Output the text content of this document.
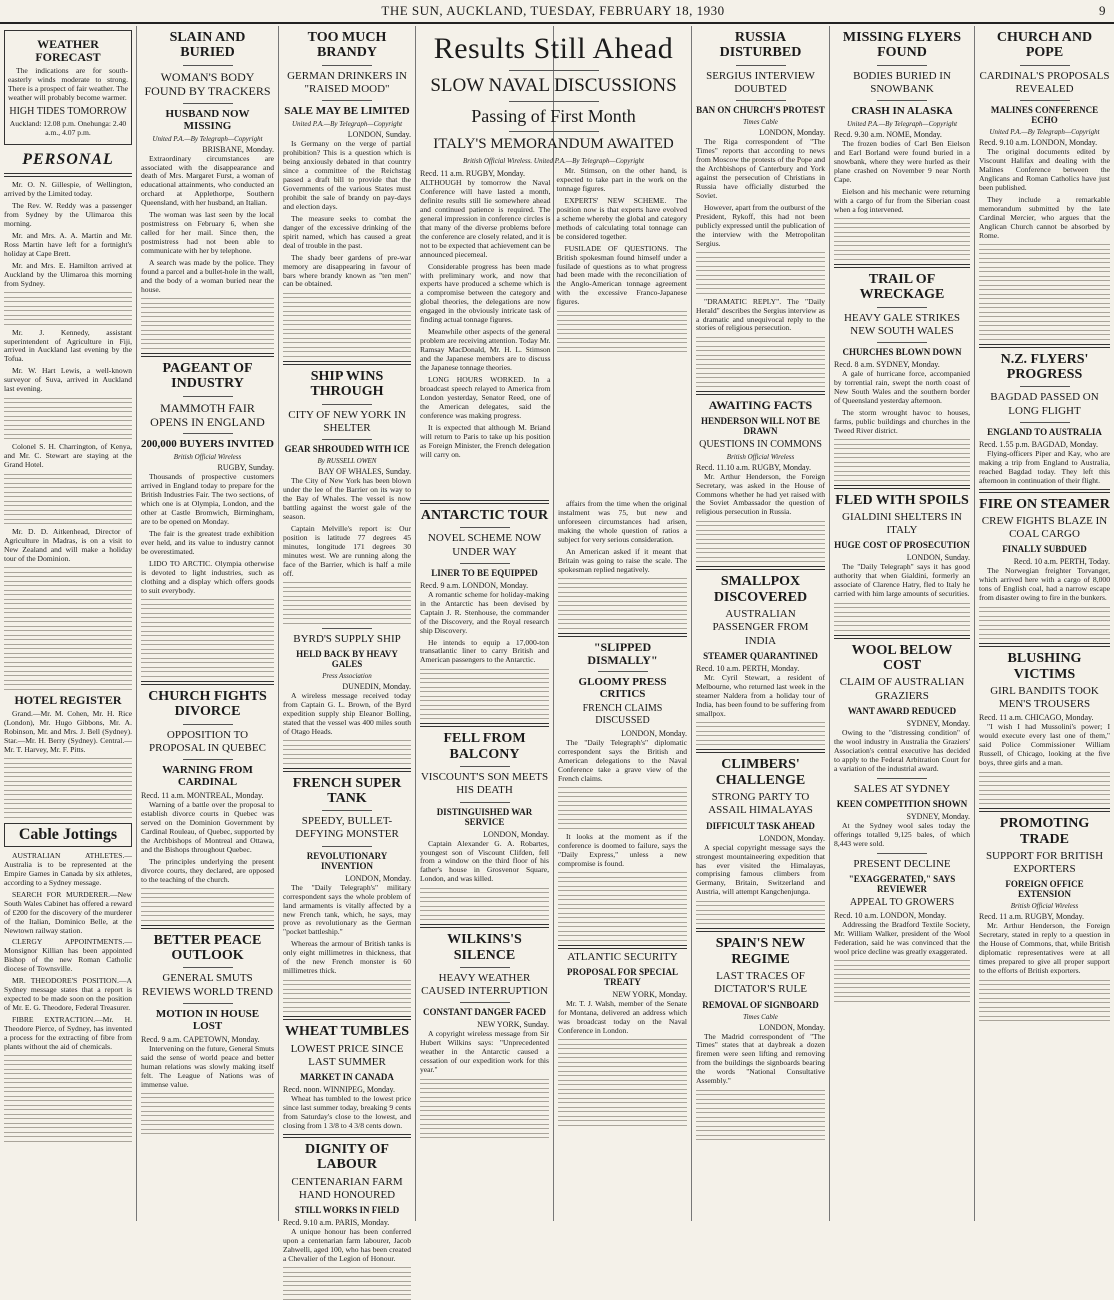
THE SUN, AUCKLAND, TUESDAY, FEBRUARY 18, 1930	9
WEATHER FORECAST

The indications are for south-easterly winds moderate to strong. There is a prospect of fair weather. The weather will probably become warmer.

HIGH TIDES TOMORROW

Auckland: 12.08 p.m. Onehunga: 2.40 a.m., 4.07 p.m.

PERSONAL

Mr. O. N. Gillespie, of Wellington, arrived by the Limited today.

The Rev. W. Reddy was a passenger from Sydney by the Ulimaroa this morning.

Mr. and Mrs. A. A. Martin and Mr. Ross Martin have left for a fortnight's holiday at Cape Brett.

Mr. and Mrs. E. Hamilton arrived at Auckland by the Ulimaroa this morning from Sydney.

Mr. J. Kennedy, assistant superintendent of Agriculture in Fiji, arrived in Auckland last evening by the Tofua.

Mr. W. Hart Lewis, a well-known surveyor of Suva, arrived in Auckland last evening.

Colonel S. H. Charrington, of Kenya, and Mr. C. Stewart are staying at the Grand Hotel.

Mr. D. D. Aitkenhead, Director of Agriculture in Madras, is on a visit to New Zealand and will make a holiday tour of the Dominion.

HOTEL REGISTER

Grand.—Mr. M. Cohen, Mr. H. Rice (London), Mr. Hugo Gibbons, Mr. A. Robinson, Mr. and Mrs. J. Bell (Sydney). Star.—Mr. H. Berry (Sydney). Central.—Mr. T. Harvey, Mr. F. Pitts.

Cable Jottings

AUSTRALIAN ATHLETES.—Australia is to be represented at the Empire Games in Canada by six athletes, according to a Sydney message.

SEARCH FOR MURDERER.—New South Wales Cabinet has offered a reward of £200 for the discovery of the murderer of the Italian, Dominico Belle, at the Newtown railway station.

CLERGY APPOINTMENTS.—Monsignor Killian has been appointed Bishop of the new Roman Catholic diocese of Townsville.

MR. THEODORE'S POSITION.—A Sydney message states that a report is expected to be made soon on the position of Mr. E. G. Theodore, Federal Treasurer.

FIBRE EXTRACTION.—Mr. H. Theodore Pierce, of Sydney, has invented a process for the extracting of fibre from plants without the aid of chemicals.

SLAIN AND BURIED
WOMAN'S BODY FOUND BY TRACKERS
HUSBAND NOW MISSING
United P.A.—By Telegraph—Copyright
BRISBANE, Monday.

Extraordinary circumstances are associated with the disappearance and death of Mrs. Margaret Furst, a woman of educational attainments, who conducted an orchard at Applethorpe, Southern Queensland, with her husband, an Italian.

The woman was last seen by the local postmistress on February 6, when she called for her mail. Since then, the postmistress had not been able to communicate with her by telephone.

A search was made by the police. They found a parcel and a bullet-hole in the wall, and the body of a woman buried near the house.

PAGEANT OF INDUSTRY
MAMMOTH FAIR OPENS IN ENGLAND
200,000 BUYERS INVITED
British Official Wireless
RUGBY, Sunday.

Thousands of prospective customers arrived in England today to prepare for the British Industries Fair. The two sections, of which one is at Olympia, London, and the other at Castle Bromwich, Birmingham, are to be opened on Monday.

The fair is the greatest trade exhibition ever held, and its value to industry cannot be overestimated.

LIDO TO ARCTIC. Olympia otherwise is devoted to light industries, such as clothing and a display which offers goods to suit everybody.

CHURCH FIGHTS DIVORCE
OPPOSITION TO PROPOSAL IN QUEBEC
WARNING FROM CARDINAL
Recd. 11 a.m. MONTREAL, Monday.

Warning of a battle over the proposal to establish divorce courts in Quebec was served on the Dominion Government by Cardinal Rouleau, of Quebec, supported by the Archbishops of Montreal and Ottawa, and the Bishops throughout Quebec.

The principles underlying the present divorce courts, they declared, are opposed to the teaching of the church.

BETTER PEACE OUTLOOK
GENERAL SMUTS REVIEWS WORLD TREND
MOTION IN HOUSE LOST
Recd. 9 a.m. CAPETOWN, Monday.

Intervening on the future, General Smuts said the sense of world peace and better human relations was slowly making itself felt. The League of Nations was of immense value.

TOO MUCH BRANDY
GERMAN DRINKERS IN "RAISED MOOD"
SALE MAY BE LIMITED
United P.A.—By Telegraph—Copyright
LONDON, Sunday.

Is Germany on the verge of partial prohibition? This is a question which is being anxiously debated in that country since a committee of the Reichstag passed a draft bill to provide that the Governments of the various States must prohibit the sale of brandy on pay-days and election days.

The measure seeks to combat the danger of the excessive drinking of the spirit named, which has caused a great deal of trouble in the past.

The shady beer gardens of pre-war memory are disappearing in favour of bars where brandy known as "ten men" can be obtained.

SHIP WINS THROUGH
CITY OF NEW YORK IN SHELTER
GEAR SHROUDED WITH ICE
By RUSSELL OWEN
BAY OF WHALES, Sunday.

The City of New York has been blown under the lee of the Barrier on its way to the Bay of Whales. The vessel is now battling against the worst gale of the season.

Captain Melville's report is: Our position is latitude 77 degrees 45 minutes, longitude 171 degrees 30 minutes west. We are running along the face of the Barrier, which is half a mile off.

BYRD'S SUPPLY SHIP
HELD BACK BY HEAVY GALES
Press Association
DUNEDIN, Monday.

A wireless message received today from Captain G. L. Brown, of the Byrd expedition supply ship Eleanor Bolling, stated that the vessel was 400 miles south of Otago Heads.

FRENCH SUPER TANK
SPEEDY, BULLET-DEFYING MONSTER
REVOLUTIONARY INVENTION
LONDON, Monday.

The "Daily Telegraph's" military correspondent says the whole problem of land armaments is vitally affected by a new French tank, which, he says, may prove as revolutionary as the German "pocket battleship."

Whereas the armour of British tanks is only eight millimetres in thickness, that of the new French monster is 60 millimetres thick.

WHEAT TUMBLES
LOWEST PRICE SINCE LAST SUMMER
MARKET IN CANADA
Recd. noon. WINNIPEG, Monday.

Wheat has tumbled to the lowest price since last summer today, breaking 9 cents from Saturday's close to the lowest, and closing from 1 3/8 to 4 3/8 cents down.

DIGNITY OF LABOUR
CENTENARIAN FARM HAND HONOURED
STILL WORKS IN FIELD
Recd. 9.10 a.m. PARIS, Monday.

A unique honour has been conferred upon a centenarian farm labourer, Jacob Zahwelli, aged 100, who has been created a Chevalier of the Legion of Honour.

Results Still Ahead
SLOW NAVAL DISCUSSIONS
Passing of First Month
ITALY'S MEMORANDUM AWAITED
British Official Wireless. United P.A.—By Telegraph—Copyright
Recd. 11 a.m. RUGBY, Monday.

ALTHOUGH by tomorrow the Naval Conference will have lasted a month, definite results still lie somewhere ahead and continued patience is required. The general impression in conference circles is that many of the diverse problems before the conference are closely related, and it is not to be expected that achievement can be announced piecemeal.

Considerable progress has been made with preliminary work, and now that experts have produced a scheme which is a compromise between the category and global theories, the delegations are now engaged in the obviously intricate task of finding actual tonnage figures.

Meanwhile other aspects of the general problem are receiving attention. Today Mr. Ramsay MacDonald, Mr. H. L. Stimson and the Japanese members are to discuss the Japanese tonnage theories.

LONG HOURS WORKED. In a broadcast speech relayed to America from London yesterday, Senator Reed, one of the American delegates, said the conference was making progress.

It is expected that although M. Briand will return to Paris to take up his position as Foreign Minister, the French delegation will carry on.

Mr. Stimson, on the other hand, is expected to take part in the work on the tonnage figures.

EXPERTS' NEW SCHEME. The position now is that experts have evolved a scheme whereby the global and category methods of calculating total tonnage can be considered together.

FUSILADE OF QUESTIONS. The British spokesman found himself under a fusilade of questions as to what progress had been made with the reconciliation of the Anglo-American tonnage agreement with the excessive Franco-Japanese figures.

affairs from the time when the original instalment was 75, but new and unforeseen circumstances had arisen, making the whole question of ratios a subject for very serious consideration.

An American asked if it meant that Britain was going to raise the scale. The spokesman replied negatively.

"SLIPPED DISMALLY"
GLOOMY PRESS CRITICS
FRENCH CLAIMS DISCUSSED
LONDON, Monday.

The "Daily Telegraph's" diplomatic correspondent says the British and American delegations to the Naval Conference take a grave view of the French claims.

It looks at the moment as if the conference is doomed to failure, says the "Daily Express," unless a new compromise is found.

ATLANTIC SECURITY
PROPOSAL FOR SPECIAL TREATY
NEW YORK, Monday.

Mr. T. J. Walsh, member of the Senate for Montana, delivered an address which was broadcast today on the Naval Conference in London.

ANTARCTIC TOUR
NOVEL SCHEME NOW UNDER WAY
LINER TO BE EQUIPPED
Recd. 9 a.m. LONDON, Monday.

A romantic scheme for holiday-making in the Antarctic has been devised by Captain J. R. Stenhouse, the commander of the Discovery, and the Royal research ship Discovery.

He intends to equip a 17,000-ton transatlantic liner to carry British and American passengers to the Antarctic.

FELL FROM BALCONY
VISCOUNT'S SON MEETS HIS DEATH
DISTINGUISHED WAR SERVICE
LONDON, Monday.

Captain Alexander G. A. Robartes, youngest son of Viscount Clifden, fell from a window on the third floor of his father's house in Grosvenor Square, London, and was killed.

WILKINS'S SILENCE
HEAVY WEATHER CAUSED INTERRUPTION
CONSTANT DANGER FACED
NEW YORK, Sunday.

A copyright wireless message from Sir Hubert Wilkins says: "Unprecedented weather in the Antarctic caused a cessation of our expedition work for this year."

RUSSIA DISTURBED
SERGIUS INTERVIEW DOUBTED
BAN ON CHURCH'S PROTEST
Times Cable
LONDON, Monday.

The Riga correspondent of "The Times" reports that according to news from Moscow the protests of the Pope and the Archbishops of Canterbury and York against the persecution of Christians in Russia have officially disturbed the Soviet.

However, apart from the outburst of the President, Rykoff, this had not been publicly expressed until the publication of the interview with the Metropolitan Sergius.

"DRAMATIC REPLY". The "Daily Herald" describes the Sergius interview as a dramatic and unequivocal reply to the stories of religious persecution.

AWAITING FACTS
HENDERSON WILL NOT BE DRAWN
QUESTIONS IN COMMONS
British Official Wireless
Recd. 11.10 a.m. RUGBY, Monday.

Mr. Arthur Henderson, the Foreign Secretary, was asked in the House of Commons whether he had yet raised with the Soviet Ambassador the question of religious persecution in Russia.

SMALLPOX DISCOVERED
AUSTRALIAN PASSENGER FROM INDIA
STEAMER QUARANTINED
Recd. 10 a.m. PERTH, Monday.

Mr. Cyril Stewart, a resident of Melbourne, who returned last week in the steamer Naldera from a holiday tour of India, has been found to be suffering from smallpox.

CLIMBERS' CHALLENGE
STRONG PARTY TO ASSAIL HIMALAYAS
DIFFICULT TASK AHEAD
LONDON, Monday.

A special copyright message says the strongest mountaineering expedition that has ever visited the Himalayas, comprising famous climbers from Germany, Britain, Switzerland and Austria, will attempt Kangchenjunga.

SPAIN'S NEW REGIME
LAST TRACES OF DICTATOR'S RULE
REMOVAL OF SIGNBOARD
Times Cable
LONDON, Monday.

The Madrid correspondent of "The Times" states that at daybreak a dozen firemen were seen lifting and removing from the buildings the signboards bearing the words "National Consultative Assembly."

MISSING FLYERS FOUND
BODIES BURIED IN SNOWBANK
CRASH IN ALASKA
United P.A.—By Telegraph—Copyright
Recd. 9.30 a.m. NOME, Monday.

The frozen bodies of Carl Ben Eielson and Earl Borland were found buried in a snowbank, where they were hurled as their plane crashed on November 9 near North Cape.

Eielson and his mechanic were returning with a cargo of fur from the Siberian coast when a fog intervened.

TRAIL OF WRECKAGE
HEAVY GALE STRIKES NEW SOUTH WALES
CHURCHES BLOWN DOWN
Recd. 8 a.m. SYDNEY, Monday.

A gale of hurricane force, accompanied by torrential rain, swept the north coast of New South Wales and the southern border of Queensland yesterday afternoon.

The storm wrought havoc to houses, farms, public buildings and churches in the Tweed River district.

FLED WITH SPOILS
GIALDINI SHELTERS IN ITALY
HUGE COST OF PROSECUTION
LONDON, Sunday.

The "Daily Telegraph" says it has good authority that when Gialdini, formerly an associate of Clarence Hatry, fled to Italy he carried with him large amounts of securities.

WOOL BELOW COST
CLAIM OF AUSTRALIAN GRAZIERS
WANT AWARD REDUCED
SYDNEY, Monday.

Owing to the "distressing condition" of the wool industry in Australia the Graziers' Association's central executive has decided to apply to the Federal Arbitration Court for a variation of the industrial award.

SALES AT SYDNEY
KEEN COMPETITION SHOWN
SYDNEY, Monday.

At the Sydney wool sales today the offerings totalled 9,125 bales, of which 8,443 were sold.

PRESENT DECLINE
"EXAGGERATED," SAYS REVIEWER
APPEAL TO GROWERS
Recd. 10 a.m. LONDON, Monday.

Addressing the Bradford Textile Society, Mr. William Walker, president of the Wool Federation, said he was convinced that the wool price decline was greatly exaggerated.

CHURCH AND POPE
CARDINAL'S PROPOSALS REVEALED
MALINES CONFERENCE ECHO
United P.A.—By Telegraph—Copyright
Recd. 9.10 a.m. LONDON, Monday.

The original documents edited by Viscount Halifax and dealing with the Malines Conference between the Anglicans and Roman Catholics have just been published.

They include a remarkable memorandum submitted by the late Cardinal Mercier, who argues that the Anglican Church cannot be absorbed by Rome.

N.Z. FLYERS' PROGRESS
BAGDAD PASSED ON LONG FLIGHT
ENGLAND TO AUSTRALIA
Recd. 1.55 p.m. BAGDAD, Monday.

Flying-officers Piper and Kay, who are making a trip from England to Australia, reached Bagdad today. They left this afternoon in continuation of their flight.

FIRE ON STEAMER
CREW FIGHTS BLAZE IN COAL CARGO
FINALLY SUBDUED
Recd. 10 a.m. PERTH, Today.

The Norwegian freighter Torvanger, which arrived here with a cargo of 8,000 tons of English coal, had a narrow escape from disaster owing to fire in the bunkers.

BLUSHING VICTIMS
GIRL BANDITS TOOK MEN'S TROUSERS
Recd. 11 a.m. CHICAGO, Monday.

"I wish I had Mussolini's power; I would execute every last one of them," said Police Commissioner William Russell, of Chicago, looking at the five boys, three girls and a man.

PROMOTING TRADE
SUPPORT FOR BRITISH EXPORTERS
FOREIGN OFFICE EXTENSION
British Official Wireless
Recd. 11 a.m. RUGBY, Monday.

Mr. Arthur Henderson, the Foreign Secretary, stated in reply to a question in the House of Commons, that, while British diplomatic representatives were at all times prepared to give all proper support to the efforts of British exporters.
